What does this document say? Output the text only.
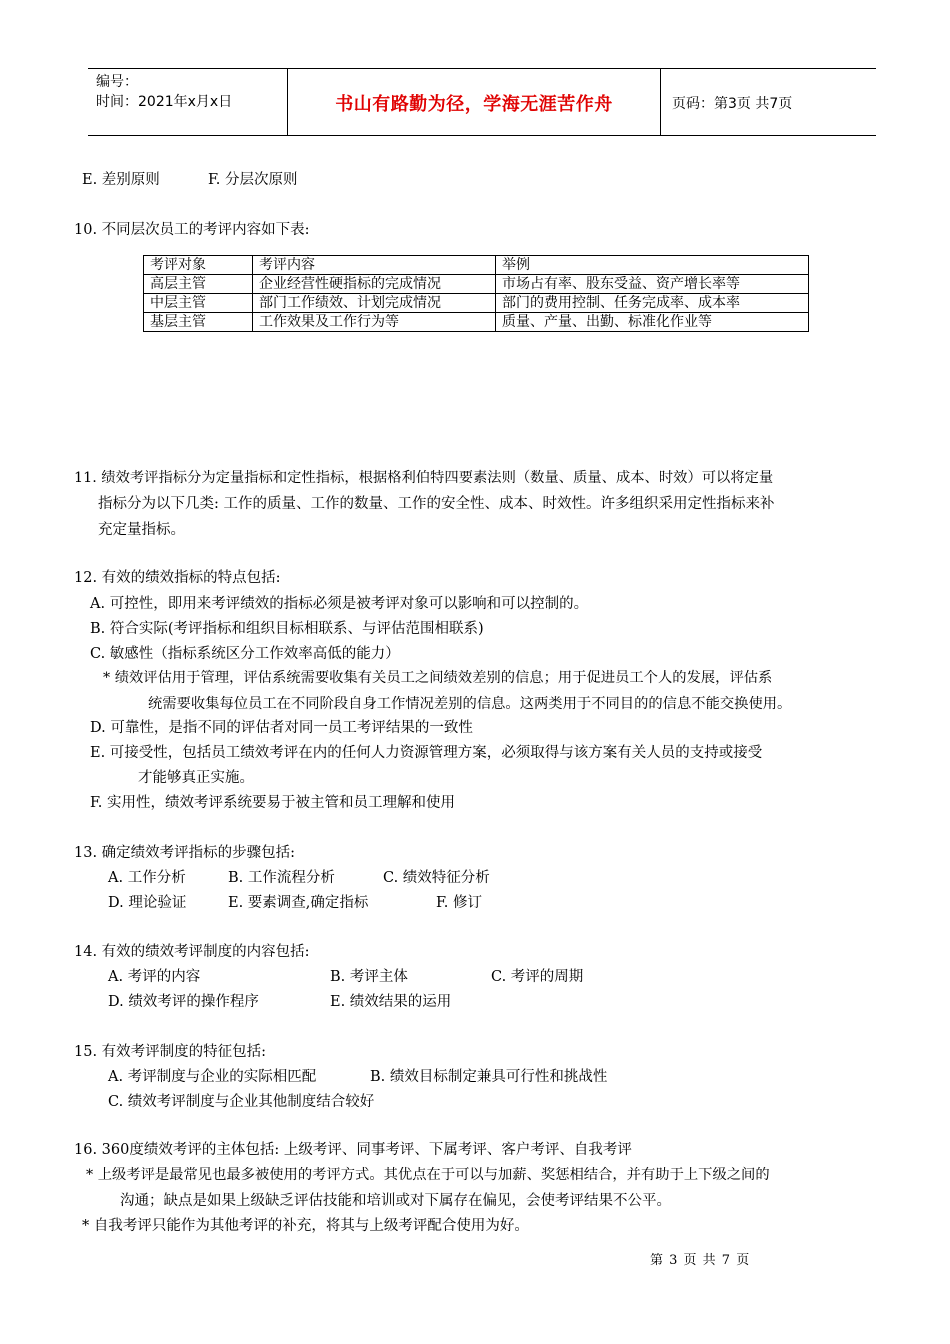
编号：
时间：2021年x月x日	书山有路勤为径，学海无涯苦作舟	页码：第3页 共7页
E. 差别原则	F. 分层次原则
10. 不同层次员工的考评内容如下表:
考评对象	考评内容	举例
高层主管	企业经营性硬指标的完成情况	市场占有率、股东受益、资产增长率等
中层主管	部门工作绩效、计划完成情况	部门的费用控制、任务完成率、成本率
基层主管	工作效果及工作行为等	质量、产量、出勤、标准化作业等
11. 绩效考评指标分为定量指标和定性指标，根据格利伯特四要素法则（数量、质量、成本、时效）可以将定量
指标分为以下几类: 工作的质量、工作的数量、工作的安全性、成本、时效性。许多组织采用定性指标来补
充定量指标。
12. 有效的绩效指标的特点包括:
A. 可控性，即用来考评绩效的指标必须是被考评对象可以影响和可以控制的。
B. 符合实际(考评指标和组织目标相联系、与评估范围相联系)
C. 敏感性（指标系统区分工作效率高低的能力）
* 绩效评估用于管理，评估系统需要收集有关员工之间绩效差别的信息；用于促进员工个人的发展，评估系
统需要收集每位员工在不同阶段自身工作情况差别的信息。这两类用于不同目的的信息不能交换使用。
D. 可靠性，是指不同的评估者对同一员工考评结果的一致性
E. 可接受性，包括员工绩效考评在内的任何人力资源管理方案，必须取得与该方案有关人员的支持或接受
才能够真正实施。
F. 实用性，绩效考评系统要易于被主管和员工理解和使用
13. 确定绩效考评指标的步骤包括:
A. 工作分析	B. 工作流程分析	C. 绩效特征分析
D. 理论验证	E. 要素调查,确定指标	F. 修订
14. 有效的绩效考评制度的内容包括:
A. 考评的内容	B. 考评主体	C. 考评的周期
D. 绩效考评的操作程序	E. 绩效结果的运用
15. 有效考评制度的特征包括:
A. 考评制度与企业的实际相匹配	B. 绩效目标制定兼具可行性和挑战性
C. 绩效考评制度与企业其他制度结合较好
16. 360度绩效考评的主体包括: 上级考评、同事考评、下属考评、客户考评、自我考评
* 上级考评是最常见也最多被使用的考评方式。其优点在于可以与加薪、奖惩相结合，并有助于上下级之间的
沟通；缺点是如果上级缺乏评估技能和培训或对下属存在偏见，会使考评结果不公平。
* 自我考评只能作为其他考评的补充，将其与上级考评配合使用为好。
第 3 页 共 7 页
